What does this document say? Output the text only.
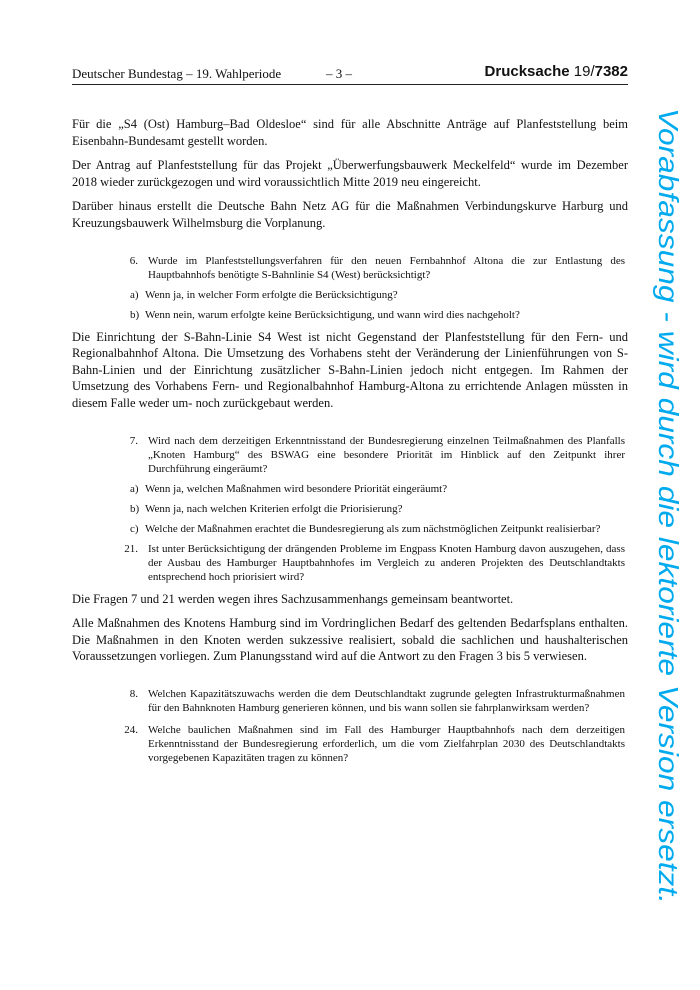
Deutscher Bundestag – 19. Wahlperiode	– 3 –	Drucksache 19/7382

Für die „S4 (Ost) Hamburg–Bad Oldesloe“ sind für alle Abschnitte Anträge auf Planfeststellung beim Eisenbahn-Bundesamt gestellt worden.

Der Antrag auf Planfeststellung für das Projekt „Überwerfungsbauwerk Meckelfeld“ wurde im Dezember 2018 wieder zurückgezogen und wird voraussichtlich Mitte 2019 neu eingereicht.

Darüber hinaus erstellt die Deutsche Bahn Netz AG für die Maßnahmen Verbindungskurve Harburg und Kreuzungsbauwerk Wilhelmsburg die Vorplanung.

6. Wurde im Planfeststellungsverfahren für den neuen Fernbahnhof Altona die zur Entlastung des Hauptbahnhofs benötigte S-Bahnlinie S4 (West) berücksichtigt?
a) Wenn ja, in welcher Form erfolgte die Berücksichtigung?
b) Wenn nein, warum erfolgte keine Berücksichtigung, und wann wird dies nachgeholt?

Die Einrichtung der S-Bahn-Linie S4 West ist nicht Gegenstand der Planfeststellung für den Fern- und Regionalbahnhof Altona. Die Umsetzung des Vorhabens steht der Veränderung der Linienführungen von S-Bahn-Linien und der Einrichtung zusätzlicher S-Bahn-Linien jedoch nicht entgegen. Im Rahmen der Umsetzung des Vorhabens Fern- und Regionalbahnhof Hamburg-Altona zu errichtende Anlagen müssten in diesem Falle weder um- noch zurückgebaut werden.

7. Wird nach dem derzeitigen Erkenntnisstand der Bundesregierung einzelnen Teilmaßnahmen des Planfalls „Knoten Hamburg“ des BSWAG eine besondere Priorität im Hinblick auf den Zeitpunkt ihrer Durchführung eingeräumt?
a) Wenn ja, welchen Maßnahmen wird besondere Priorität eingeräumt?
b) Wenn ja, nach welchen Kriterien erfolgt die Priorisierung?
c) Welche der Maßnahmen erachtet die Bundesregierung als zum nächstmöglichen Zeitpunkt realisierbar?
21. Ist unter Berücksichtigung der drängenden Probleme im Engpass Knoten Hamburg davon auszugehen, dass der Ausbau des Hamburger Hauptbahnhofes im Vergleich zu anderen Projekten des Deutschlandtakts entsprechend hoch priorisiert wird?

Die Fragen 7 und 21 werden wegen ihres Sachzusammenhangs gemeinsam beantwortet.

Alle Maßnahmen des Knotens Hamburg sind im Vordringlichen Bedarf des geltenden Bedarfsplans enthalten. Die Maßnahmen in den Knoten werden sukzessive realisiert, sobald die sachlichen und haushalterischen Voraussetzungen vorliegen. Zum Planungsstand wird auf die Antwort zu den Fragen 3 bis 5 verwiesen.

8. Welchen Kapazitätszuwachs werden die dem Deutschlandtakt zugrunde gelegten Infrastrukturmaßnahmen für den Bahnknoten Hamburg generieren können, und bis wann sollen sie fahrplanwirksam werden?
24. Welche baulichen Maßnahmen sind im Fall des Hamburger Hauptbahnhofs nach dem derzeitigen Erkenntnisstand der Bundesregierung erforderlich, um die vom Zielfahrplan 2030 des Deutschlandtakts vorgegebenen Kapazitäten tragen zu können?	Vorabfassung - wird durch die lektorierte Version ersetzt.
